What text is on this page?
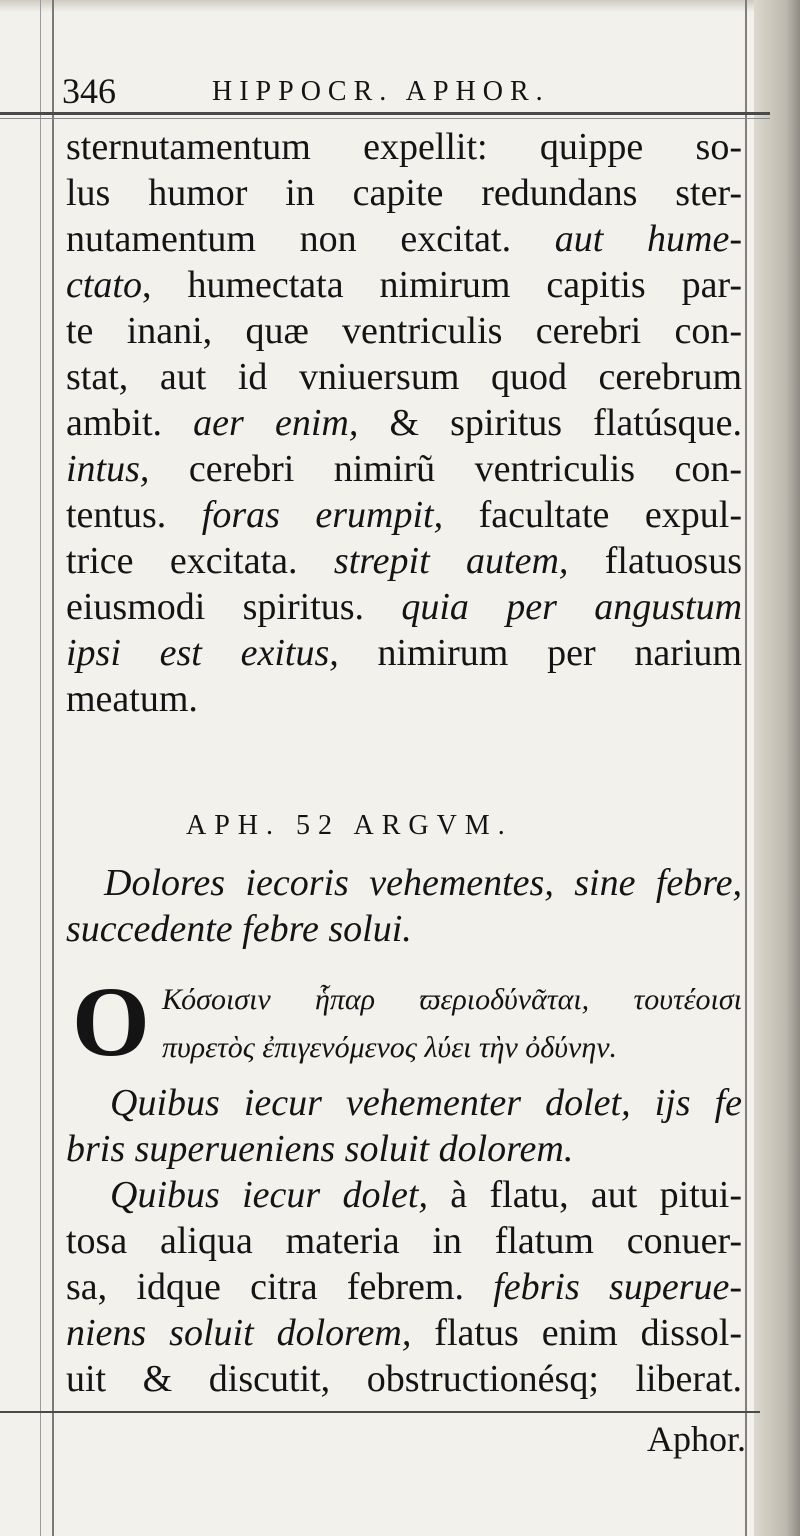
346	HIPPOCR. APHOR.
sternutamentum expellit: quippe so-
lus humor in capite redundans ster-
nutamentum non excitat. aut hume-
ctato, humectata nimirum capitis par-
te inani, quæ ventriculis cerebri con-
stat, aut id vniuersum quod cerebrum
ambit. aer enim, & spiritus flatúsque.
intus, cerebri nimirũ ventriculis con-
tentus. foras erumpit, facultate expul-
trice excitata. strepit autem, flatuosus
eiusmodi spiritus. quia per angustum
ipsi est exitus, nimirum per narium
meatum.
APH. 52 ARGVM.
Dolores iecoris vehementes, sine febre,
succedente febre solui.
O Κόσοισιν ἧπαρ ϖεριοδύνᾶται, τουτέοισι
πυρετὸς ἐπιγενόμενος λύει τὴν ὀδύνην.
Quibus iecur vehementer dolet, ijs fe
bris superueniens soluit dolorem.
Quibus iecur dolet, à flatu, aut pitui-
tosa aliqua materia in flatum conuer-
sa, idque citra febrem. febris superue-
niens soluit dolorem, flatus enim dissol-
uit & discutit, obstructionésq; liberat.
Aphor.
